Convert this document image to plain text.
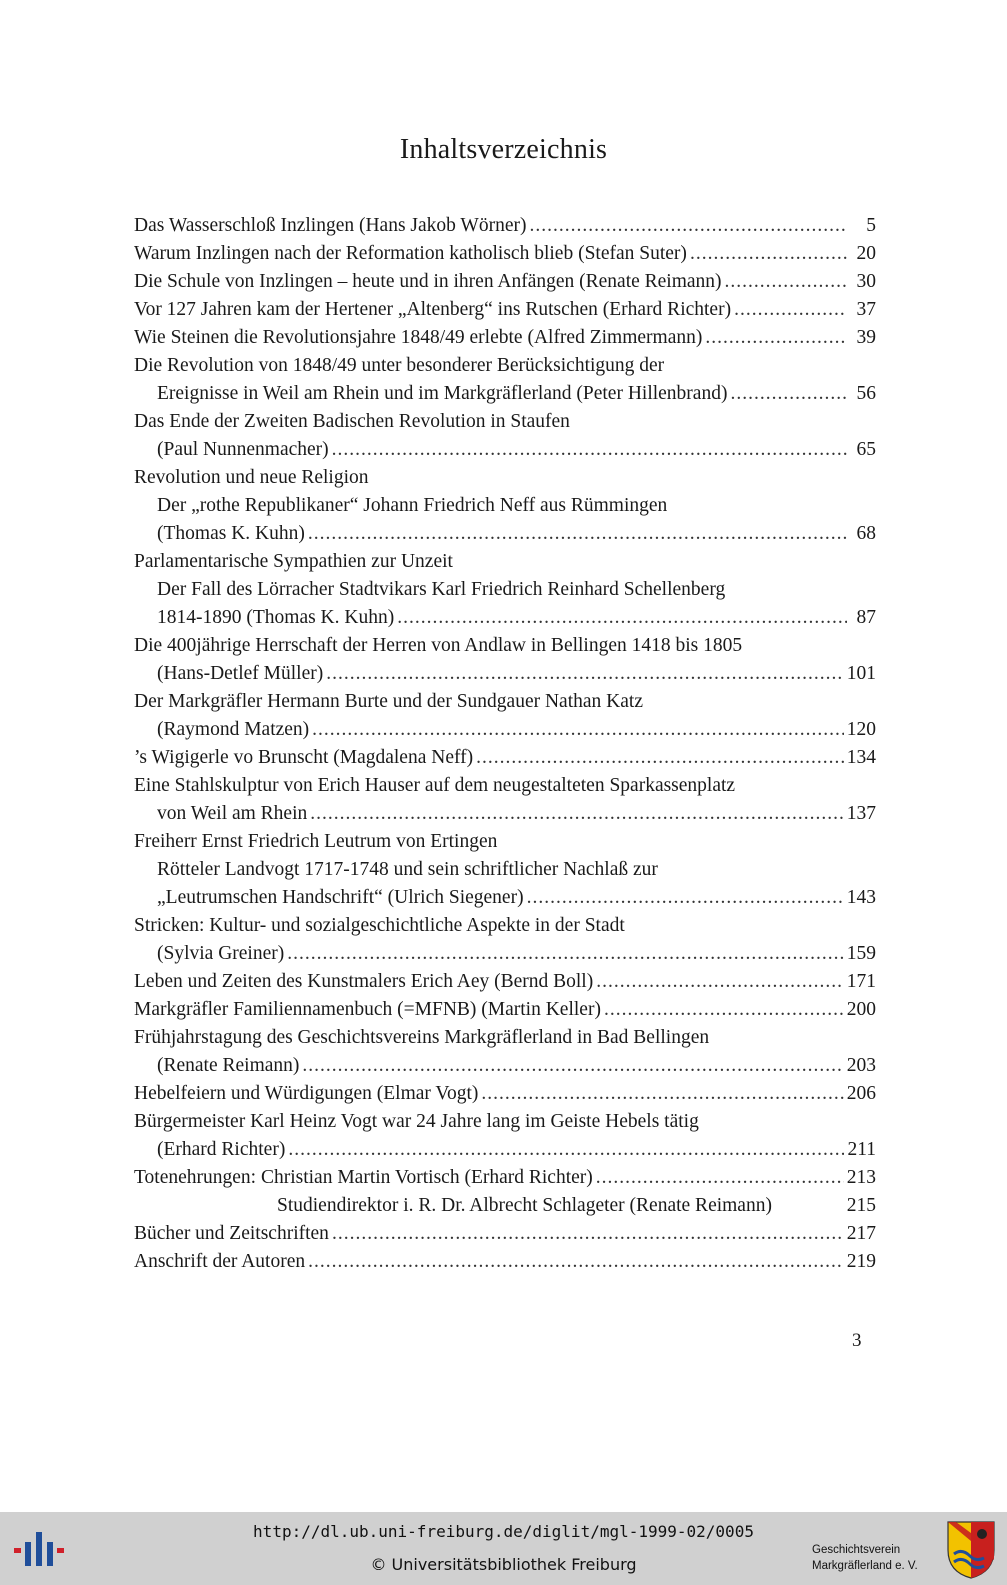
Inhaltsverzeichnis
Das Wasserschloß Inzlingen (Hans Jakob Wörner) .....	5
Warum Inzlingen nach der Reformation katholisch blieb (Stefan Suter) .....	20
Die Schule von Inzlingen – heute und in ihren Anfängen (Renate Reimann) .....	30
Vor 127 Jahren kam der Hertener „Altenberg“ ins Rutschen (Erhard Richter) .....	37
Wie Steinen die Revolutionsjahre 1848/49 erlebte (Alfred Zimmermann) .....	39
Die Revolution von 1848/49 unter besonderer Berücksichtigung der
Ereignisse in Weil am Rhein und im Markgräflerland (Peter Hillenbrand) .....	56
Das Ende der Zweiten Badischen Revolution in Staufen
(Paul Nunnenmacher) .....	65
Revolution und neue Religion
Der „rothe Republikaner“ Johann Friedrich Neff aus Rümmingen
(Thomas K. Kuhn) .....	68
Parlamentarische Sympathien zur Unzeit
Der Fall des Lörracher Stadtvikars Karl Friedrich Reinhard Schellenberg
1814-1890 (Thomas K. Kuhn) .....	87
Die 400jährige Herrschaft der Herren von Andlaw in Bellingen 1418 bis 1805
(Hans-Detlef Müller) .....	101
Der Markgräfler Hermann Burte und der Sundgauer Nathan Katz
(Raymond Matzen) .....	120
’s Wigigerle vo Brunscht (Magdalena Neff) .....	134
Eine Stahlskulptur von Erich Hauser auf dem neugestalteten Sparkassenplatz
von Weil am Rhein .....	137
Freiherr Ernst Friedrich Leutrum von Ertingen
Rötteler Landvogt 1717-1748 und sein schriftlicher Nachlaß zur
„Leutrumschen Handschrift“ (Ulrich Siegener) .....	143
Stricken: Kultur- und sozialgeschichtliche Aspekte in der Stadt
(Sylvia Greiner) .....	159
Leben und Zeiten des Kunstmalers Erich Aey (Bernd Boll) .....	171
Markgräfler Familiennamenbuch (=MFNB) (Martin Keller) .....	200
Frühjahrstagung des Geschichtsvereins Markgräflerland in Bad Bellingen
(Renate Reimann) .....	203
Hebelfeiern und Würdigungen (Elmar Vogt) .....	206
Bürgermeister Karl Heinz Vogt war 24 Jahre lang im Geiste Hebels tätig
(Erhard Richter) .....	211
Totenehrungen: Christian Martin Vortisch (Erhard Richter) .....	213
Studiendirektor i. R. Dr. Albrecht Schlageter (Renate Reimann)	215
Bücher und Zeitschriften .....	217
Anschrift der Autoren .....	219
3
http://dl.ub.uni-freiburg.de/diglit/mgl-1999-02/0005
© Universitätsbibliothek Freiburg
Geschichtsverein
Markgräflerland e. V.
